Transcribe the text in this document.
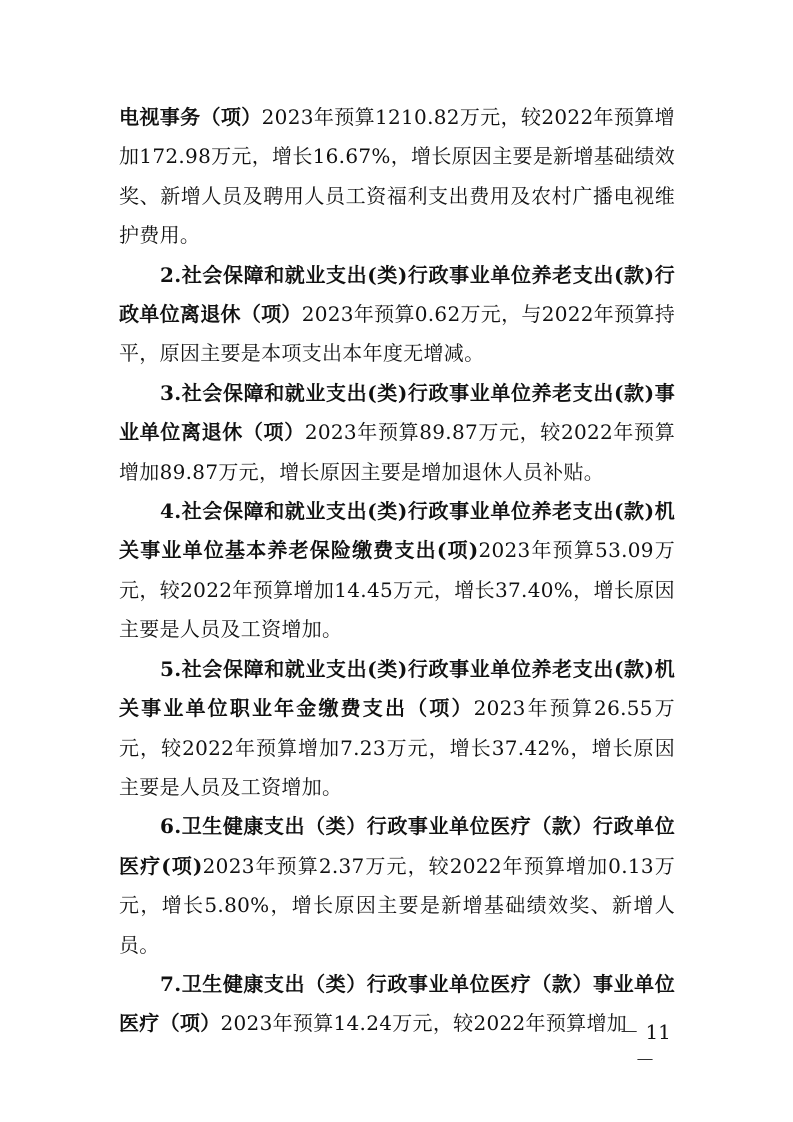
电视事务（项）2023年预算1210.82万元，较2022年预算增加172.98万元，增长16.67%，增长原因主要是新增基础绩效奖、新增人员及聘用人员工资福利支出费用及农村广播电视维护费用。

2.社会保障和就业支出(类)行政事业单位养老支出(款)行政单位离退休（项）2023年预算0.62万元，与2022年预算持平，原因主要是本项支出本年度无增减。

3.社会保障和就业支出(类)行政事业单位养老支出(款)事业单位离退休（项）2023年预算89.87万元，较2022年预算增加89.87万元，增长原因主要是增加退休人员补贴。

4.社会保障和就业支出(类)行政事业单位养老支出(款)机关事业单位基本养老保险缴费支出(项)2023年预算53.09万元，较2022年预算增加14.45万元，增长37.40%，增长原因主要是人员及工资增加。

5.社会保障和就业支出(类)行政事业单位养老支出(款)机关事业单位职业年金缴费支出（项）2023年预算26.55万元，较2022年预算增加7.23万元，增长37.42%，增长原因主要是人员及工资增加。

6.卫生健康支出（类）行政事业单位医疗（款）行政单位医疗(项)2023年预算2.37万元，较2022年预算增加0.13万元，增长5.80%，增长原因主要是新增基础绩效奖、新增人员。

7.卫生健康支出（类）行政事业单位医疗（款）事业单位医疗（项）2023年预算14.24万元，较2022年预算增加

－ 11 －
